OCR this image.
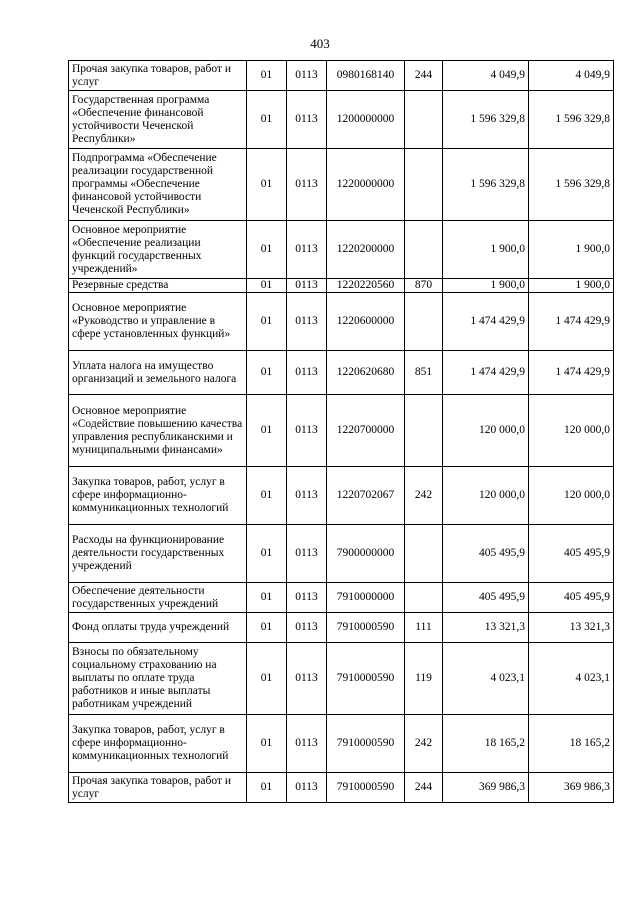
403
Прочая закупка товаров, работ и услуг	01	0113	0980168140	244	4 049,9	4 049,9
Государственная программа «Обеспечение финансовой устойчивости Чеченской Республики»	01	0113	1200000000		1 596 329,8	1 596 329,8
Подпрограмма «Обеспечение реализации государственной программы «Обеспечение финансовой устойчивости Чеченской Республики»	01	0113	1220000000		1 596 329,8	1 596 329,8
Основное мероприятие «Обеспечение реализации функций государственных учреждений»	01	0113	1220200000		1 900,0	1 900,0
Резервные средства	01	0113	1220220560	870	1 900,0	1 900,0
Основное мероприятие «Руководство и управление в сфере установленных функций»	01	0113	1220600000		1 474 429,9	1 474 429,9
Уплата налога на имущество организаций и земельного налога	01	0113	1220620680	851	1 474 429,9	1 474 429,9
Основное мероприятие «Содействие повышению качества управления республиканскими и муниципальными финансами»	01	0113	1220700000		120 000,0	120 000,0
Закупка товаров, работ, услуг в сфере информационно-коммуникационных технологий	01	0113	1220702067	242	120 000,0	120 000,0
Расходы на функционирование деятельности государственных учреждений	01	0113	7900000000		405 495,9	405 495,9
Обеспечение деятельности государственных учреждений	01	0113	7910000000		405 495,9	405 495,9
Фонд оплаты труда учреждений	01	0113	7910000590	111	13 321,3	13 321,3
Взносы по обязательному социальному страхованию на выплаты по оплате труда работников и иные выплаты работникам учреждений	01	0113	7910000590	119	4 023,1	4 023,1
Закупка товаров, работ, услуг в сфере информационно-коммуникационных технологий	01	0113	7910000590	242	18 165,2	18 165,2
Прочая закупка товаров, работ и услуг	01	0113	7910000590	244	369 986,3	369 986,3
